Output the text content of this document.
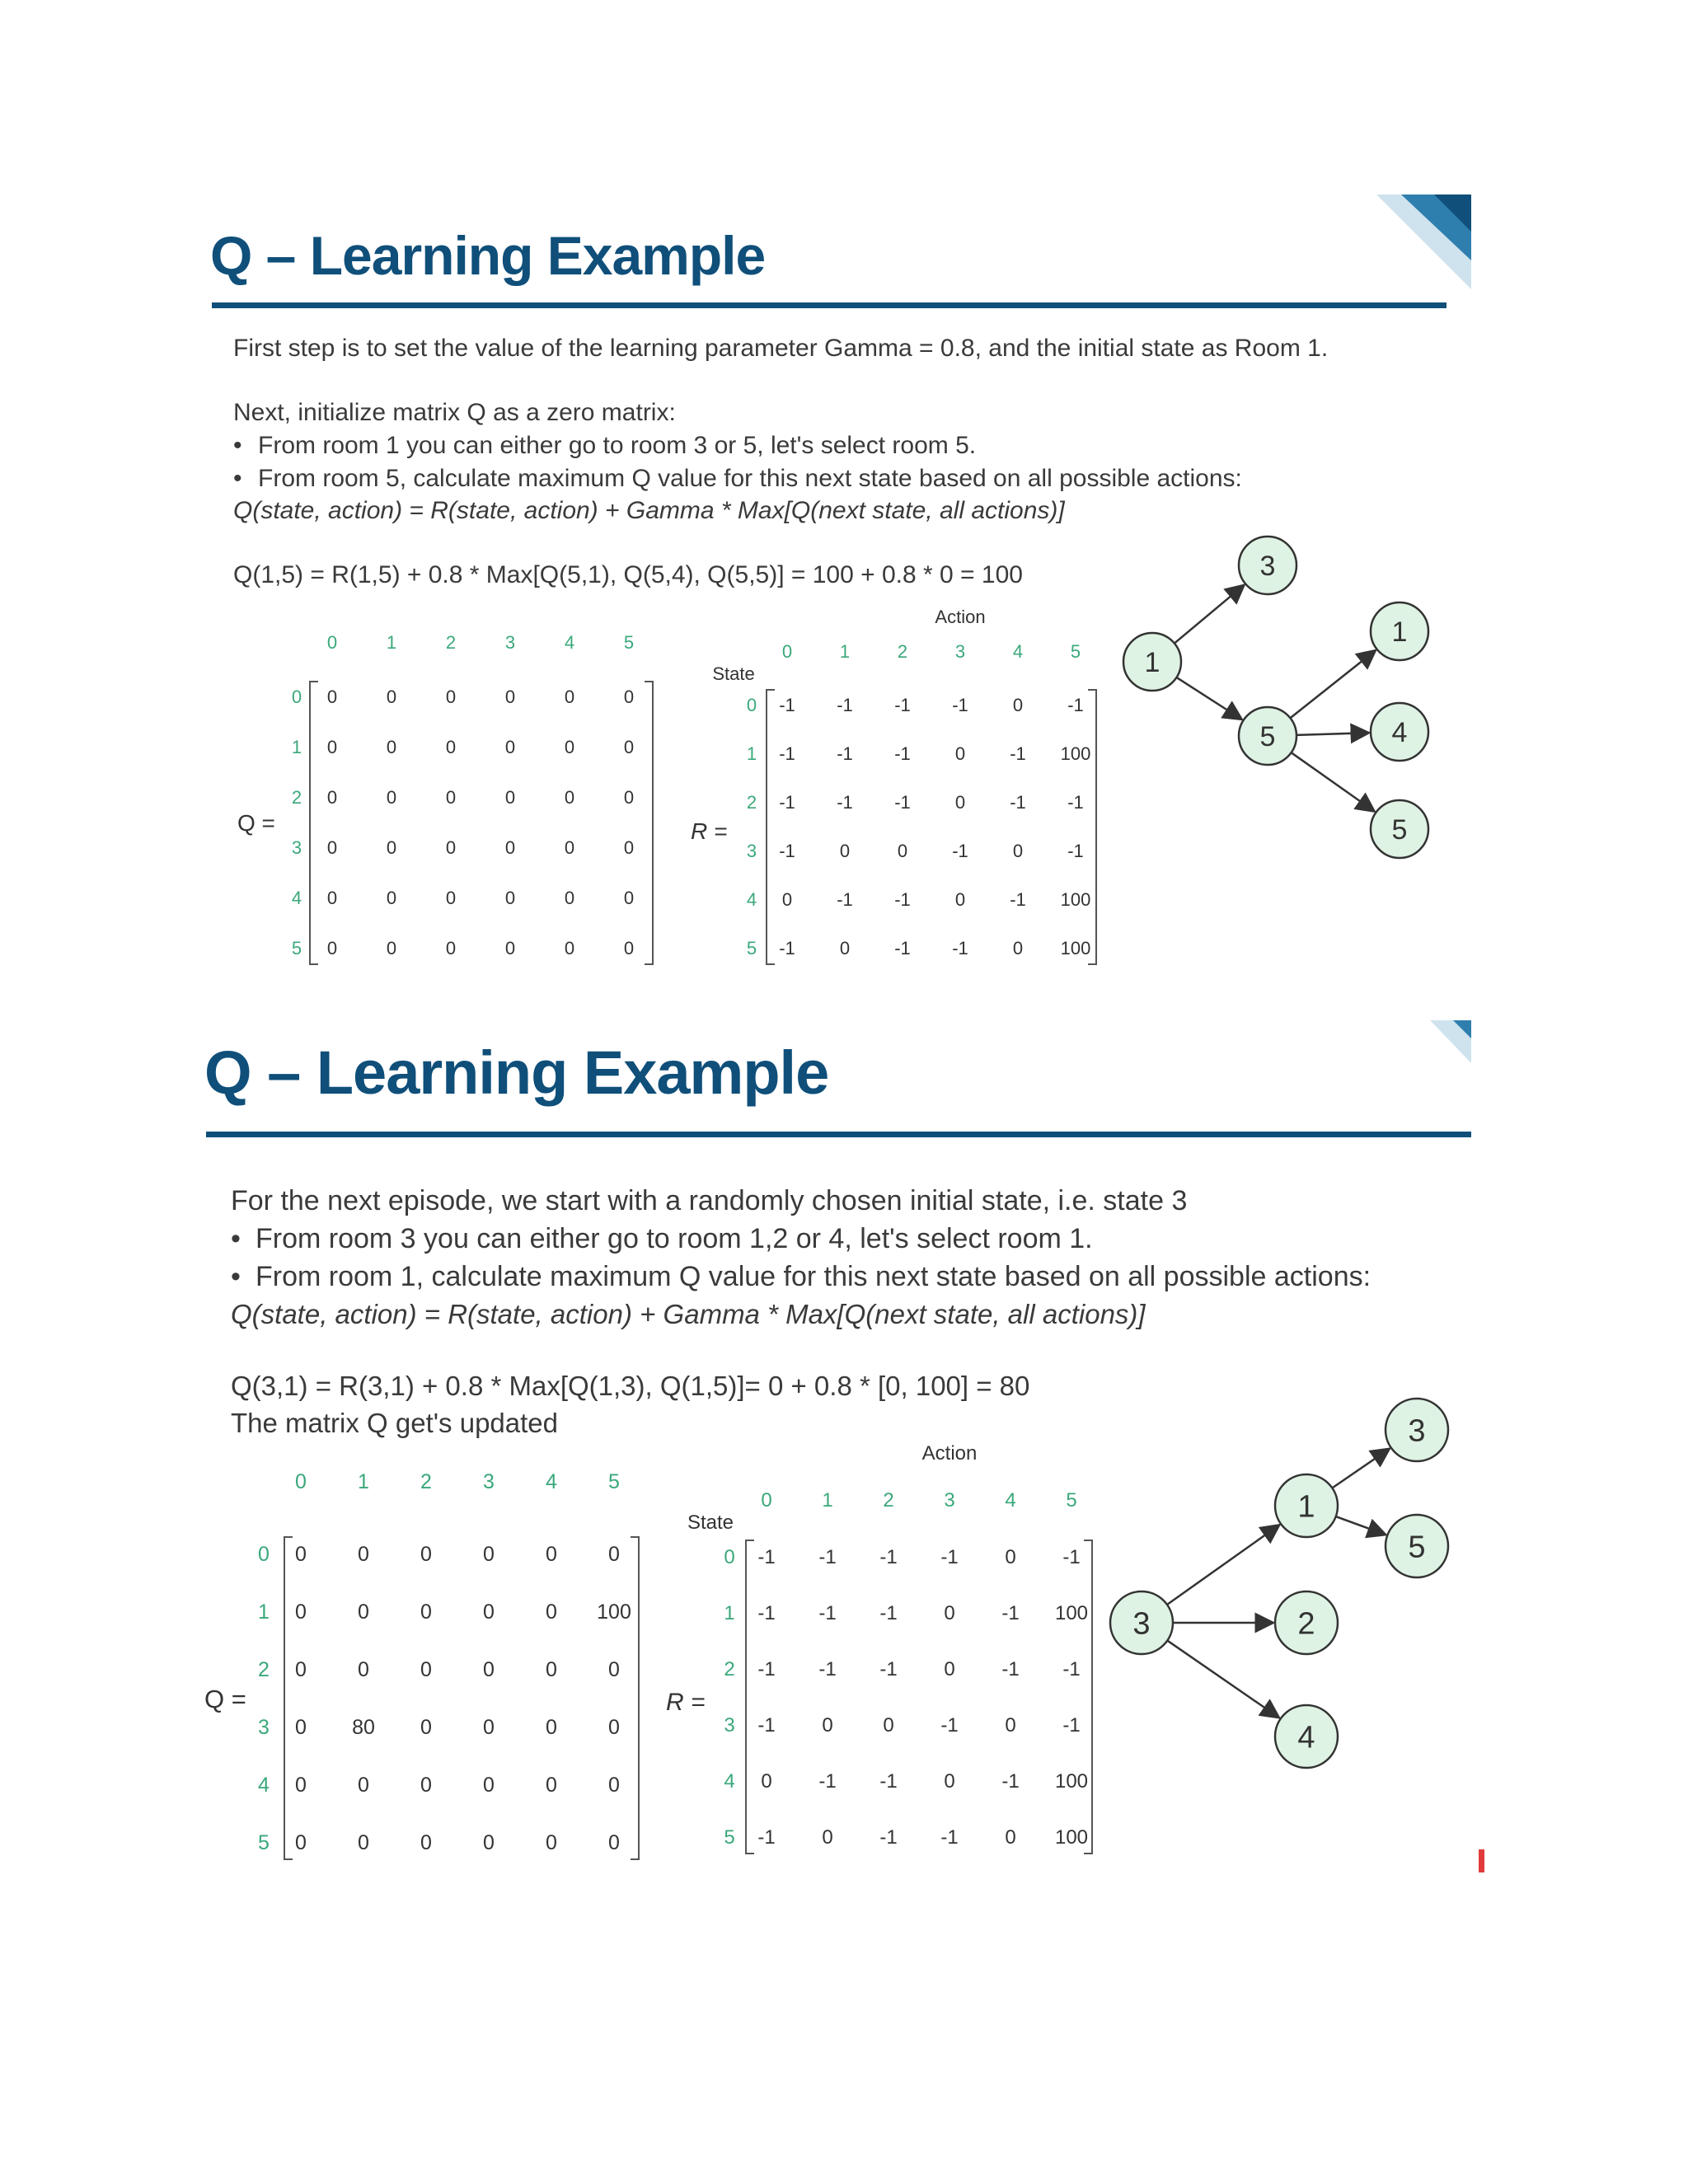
Q – Learning Example
First step is to set the value of the learning parameter Gamma = 0.8, and the initial state as Room 1.
Next, initialize matrix Q as a zero matrix:
• From room 1 you can either go to room 3 or 5, let's select room 5.
• From room 5, calculate maximum Q value for this next state based on all possible actions:
Q(state, action) = R(state, action) + Gamma * Max[Q(next state, all actions)]
Q(1,5) = R(1,5) + 0.8 * Max[Q(5,1), Q(5,4), Q(5,5)] = 100 + 0.8 * 0 = 100
Q =
0	1	2	3	4	5
0 0	0	0	0	0	0
1 0	0	0	0	0	0
2 0	0	0	0	0	0
3 0	0	0	0	0	0
4 0	0	0	0	0	0
5 0	0	0	0	0	0
R =
Action
State
0	1	2	3	4	5
0 -1 -1 -1 -1 0 -1
1 -1 -1 -1 0 -1 100
2 -1 -1 -1 0 -1 -1
3 -1 0	0 -1 0 -1
4 0 -1 -1 0 -1 100
5 -1 0 -1 -1 0 100
1
5
3
1
4
5
Q – Learning Example
For the next episode, we start with a randomly chosen initial state, i.e. state 3
• From room 3 you can either go to room 1,2 or 4, let's select room 1.
• From room 1, calculate maximum Q value for this next state based on all possible actions:
Q(state, action) = R(state, action) + Gamma * Max[Q(next state, all actions)]
Q(3,1) = R(3,1) + 0.8 * Max[Q(1,3), Q(1,5)]= 0 + 0.8 * [0, 100] = 80
The matrix Q get's updated
Q =
0 1 2 3 4 5
0 0 0 0 0 0 0
1 0 0 0 0 0 100
2 0 0 0 0 0 0
3 0 80 0 0 0 0
4 0 0 0 0 0 0
5 0 0 0 0 0 0
R =
Action
State
0	1	2	3	4	5
0 -1 -1 -1 -1 0 -1
1 -1 -1 -1 0 -1 100
2 -1 -1 -1 0 -1 -1
3 -1 0	0 -1 0 -1
4 0 -1 -1 0 -1 100
5 -1 0 -1 -1 0 100
3
1
2
4
3
5
